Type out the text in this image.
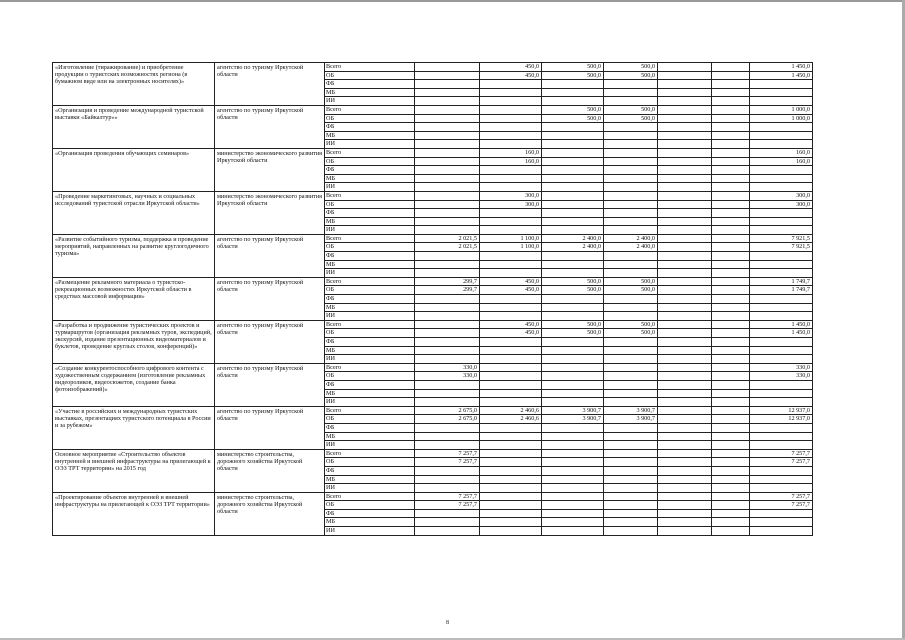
«Изготовление (тиражирование) и приобретение продукции о туристских возможностях региона (в бумажном виде или на электронных носителях)»	агентство по туризму Иркутской области	Всего		450,0	500,0	500,0			1 450,0
		ОБ		450,0	500,0	500,0			1 450,0
		ФБ							
		МБ							
		ИИ							
«Организация и проведение международной туристской выставки «Байкалтур»»	агентство по туризму Иркутской области	Всего			500,0	500,0			1 000,0
		ОБ			500,0	500,0			1 000,0
		ФБ							
		МБ							
		ИИ							
«Организация проведения обучающих семинаров»	министерство экономического развития Иркутской области	Всего		160,0					160,0
		ОБ		160,0					160,0
		ФБ							
		МБ							
		ИИ							
«Проведение маркетинговых, научных и социальных исследований туристской отрасли Иркутской области»	министерство экономического развития Иркутской области	Всего		300,0					300,0
		ОБ		300,0					300,0
		ФБ							
		МБ							
		ИИ							
«Развитие событийного туризма, поддержка и проведение мероприятий, направленных на развитие круглогодичного туризма»	агентство по туризму Иркутской области	Всего	2 021,5	1 100,0	2 400,0	2 400,0			7 921,5
		ОБ	2 021,5	1 100,0	2 400,0	2 400,0			7 921,5
		ФБ							
		МБ							
		ИИ							
«Размещение рекламного материала о туристско-рекреационных возможностях Иркутской области в средствах массовой информации»	агентство по туризму Иркутской области	Всего	299,7	450,0	500,0	500,0			1 749,7
		ОБ	299,7	450,0	500,0	500,0			1 749,7
		ФБ							
		МБ							
		ИИ							
«Разработка и продвижение туристических проектов и турмаршрутов (организация рекламных туров, экспедиций, экскурсий, издание презентационных видеоматериалов и буклетов, проведение круглых столов, конференций)»	агентство по туризму Иркутской области	Всего		450,0	500,0	500,0			1 450,0
		ОБ		450,0	500,0	500,0			1 450,0
		ФБ							
		МБ							
		ИИ							
«Создание конкурентоспособного цифрового контента с художественным содержанием (изготовление рекламных видеороликов, видеосюжетов, создание банка фотоизображений)»	агентство по туризму Иркутской области	Всего	330,0						330,0
		ОБ	330,0						330,0
		ФБ							
		МБ							
		ИИ							
«Участие в российских и международных туристских выставках, презентациях туристского потенциала в России и за рубежом»	агентство по туризму Иркутской области	Всего	2 675,0	2 460,6	3 900,7	3 900,7			12 937,0
		ОБ	2 675,0	2 460,6	3 900,7	3 900,7			12 937,0
		ФБ							
		МБ							
		ИИ							
Основное мероприятие «Строительство объектов внутренней и внешней инфраструктуры на прилегающей к ОЭЗ ТРТ территории» на 2015 год	министерство строительства, дорожного хозяйства Иркутской области	Всего	7 257,7						7 257,7
		ОБ	7 257,7						7 257,7
		ФБ							
		МБ							
		ИИ							
«Проектирование объектов внутренней и внешней инфраструктуры на прилегающей к ОЭЗ ТРТ территории»	министерство строительства, дорожного хозяйства Иркутской области	Всего	7 257,7						7 257,7
		ОБ	7 257,7						7 257,7
		ФБ							
		МБ							
		ИИ							
8
